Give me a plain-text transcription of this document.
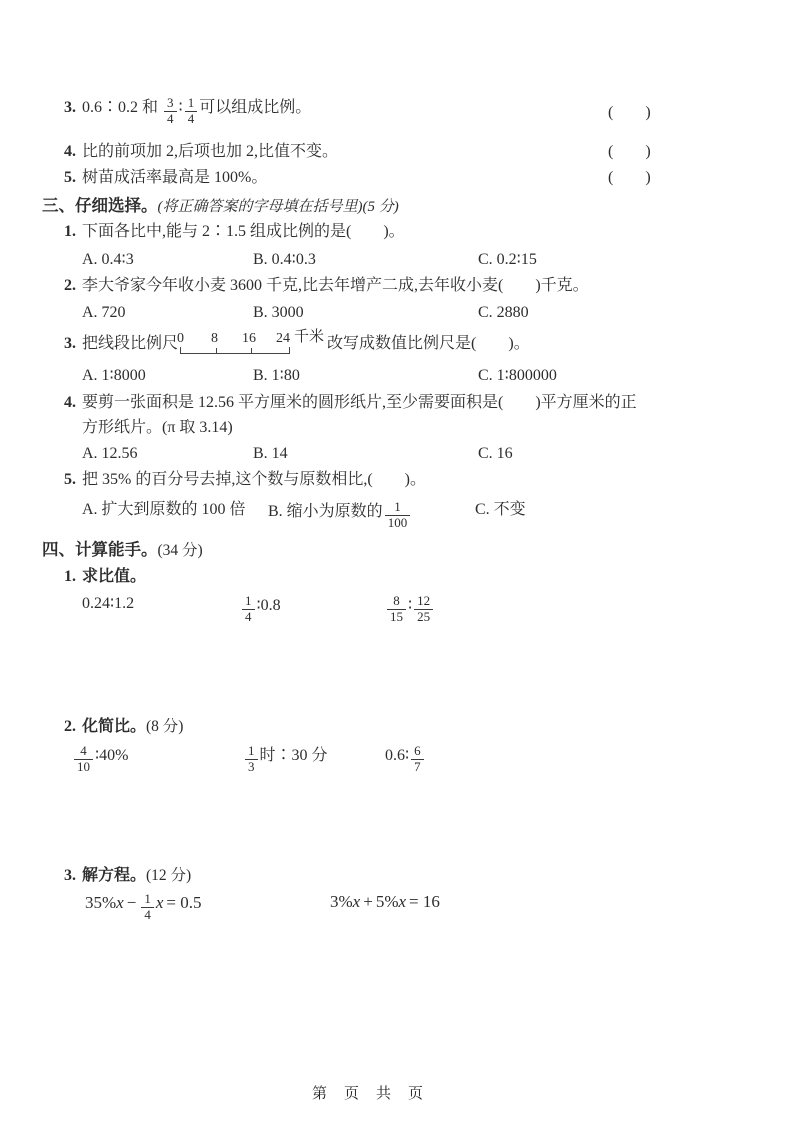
3. 0.6∶0.2 和 $\frac{3}{4}$ ∶ $\frac{1}{4}$ 可以组成比例。	(　　)
4. 比的前项加 2,后项也加 2,比值不变。	(　　)
5. 树苗成活率最高是 100%。	(　　)
三、仔细选择。(将正确答案的字母填在括号里)(5 分)
1. 下面各比中,能与 2∶1.5 组成比例的是(　　)。
A. 0.4∶3	B. 0.4∶0.3	C. 0.2∶15
2. 李大爷家今年收小麦 3600 千克,比去年增产二成,去年收小麦(　　)千克。
A. 720	B. 3000	C. 2880
3. 把线段比例尺 0 8 16 24 千米 改写成数值比例尺是(　　)。
A. 1∶8000	B. 1∶80	C. 1∶800000
4. 要剪一张面积是 12.56 平方厘米的圆形纸片,至少需要面积是(　　)平方厘米的正
方形纸片。(π 取 3.14)
A. 12.56	B. 14	C. 16
5. 把 35% 的百分号去掉,这个数与原数相比,(　　)。
A. 扩大到原数的 100 倍 B. 缩小为原数的 $\frac{1}{100}$	C. 不变
四、计算能手。(34 分)
1. 求比值。
0.24∶1.2	$\frac{1}{4}$ ∶0.8	$\frac{8}{15}$ ∶ $\frac{12}{25}$
2. 化简比。(8 分)
$\frac{4}{10}$ ∶40%	$\frac{1}{3}$ 时∶30 分	0.6∶ $\frac{6}{7}$
3. 解方程。(12 分)
$35\%x - \frac{1}{4}$ x = 0.5	3%x + 5%x = 16
第　页　共　页
